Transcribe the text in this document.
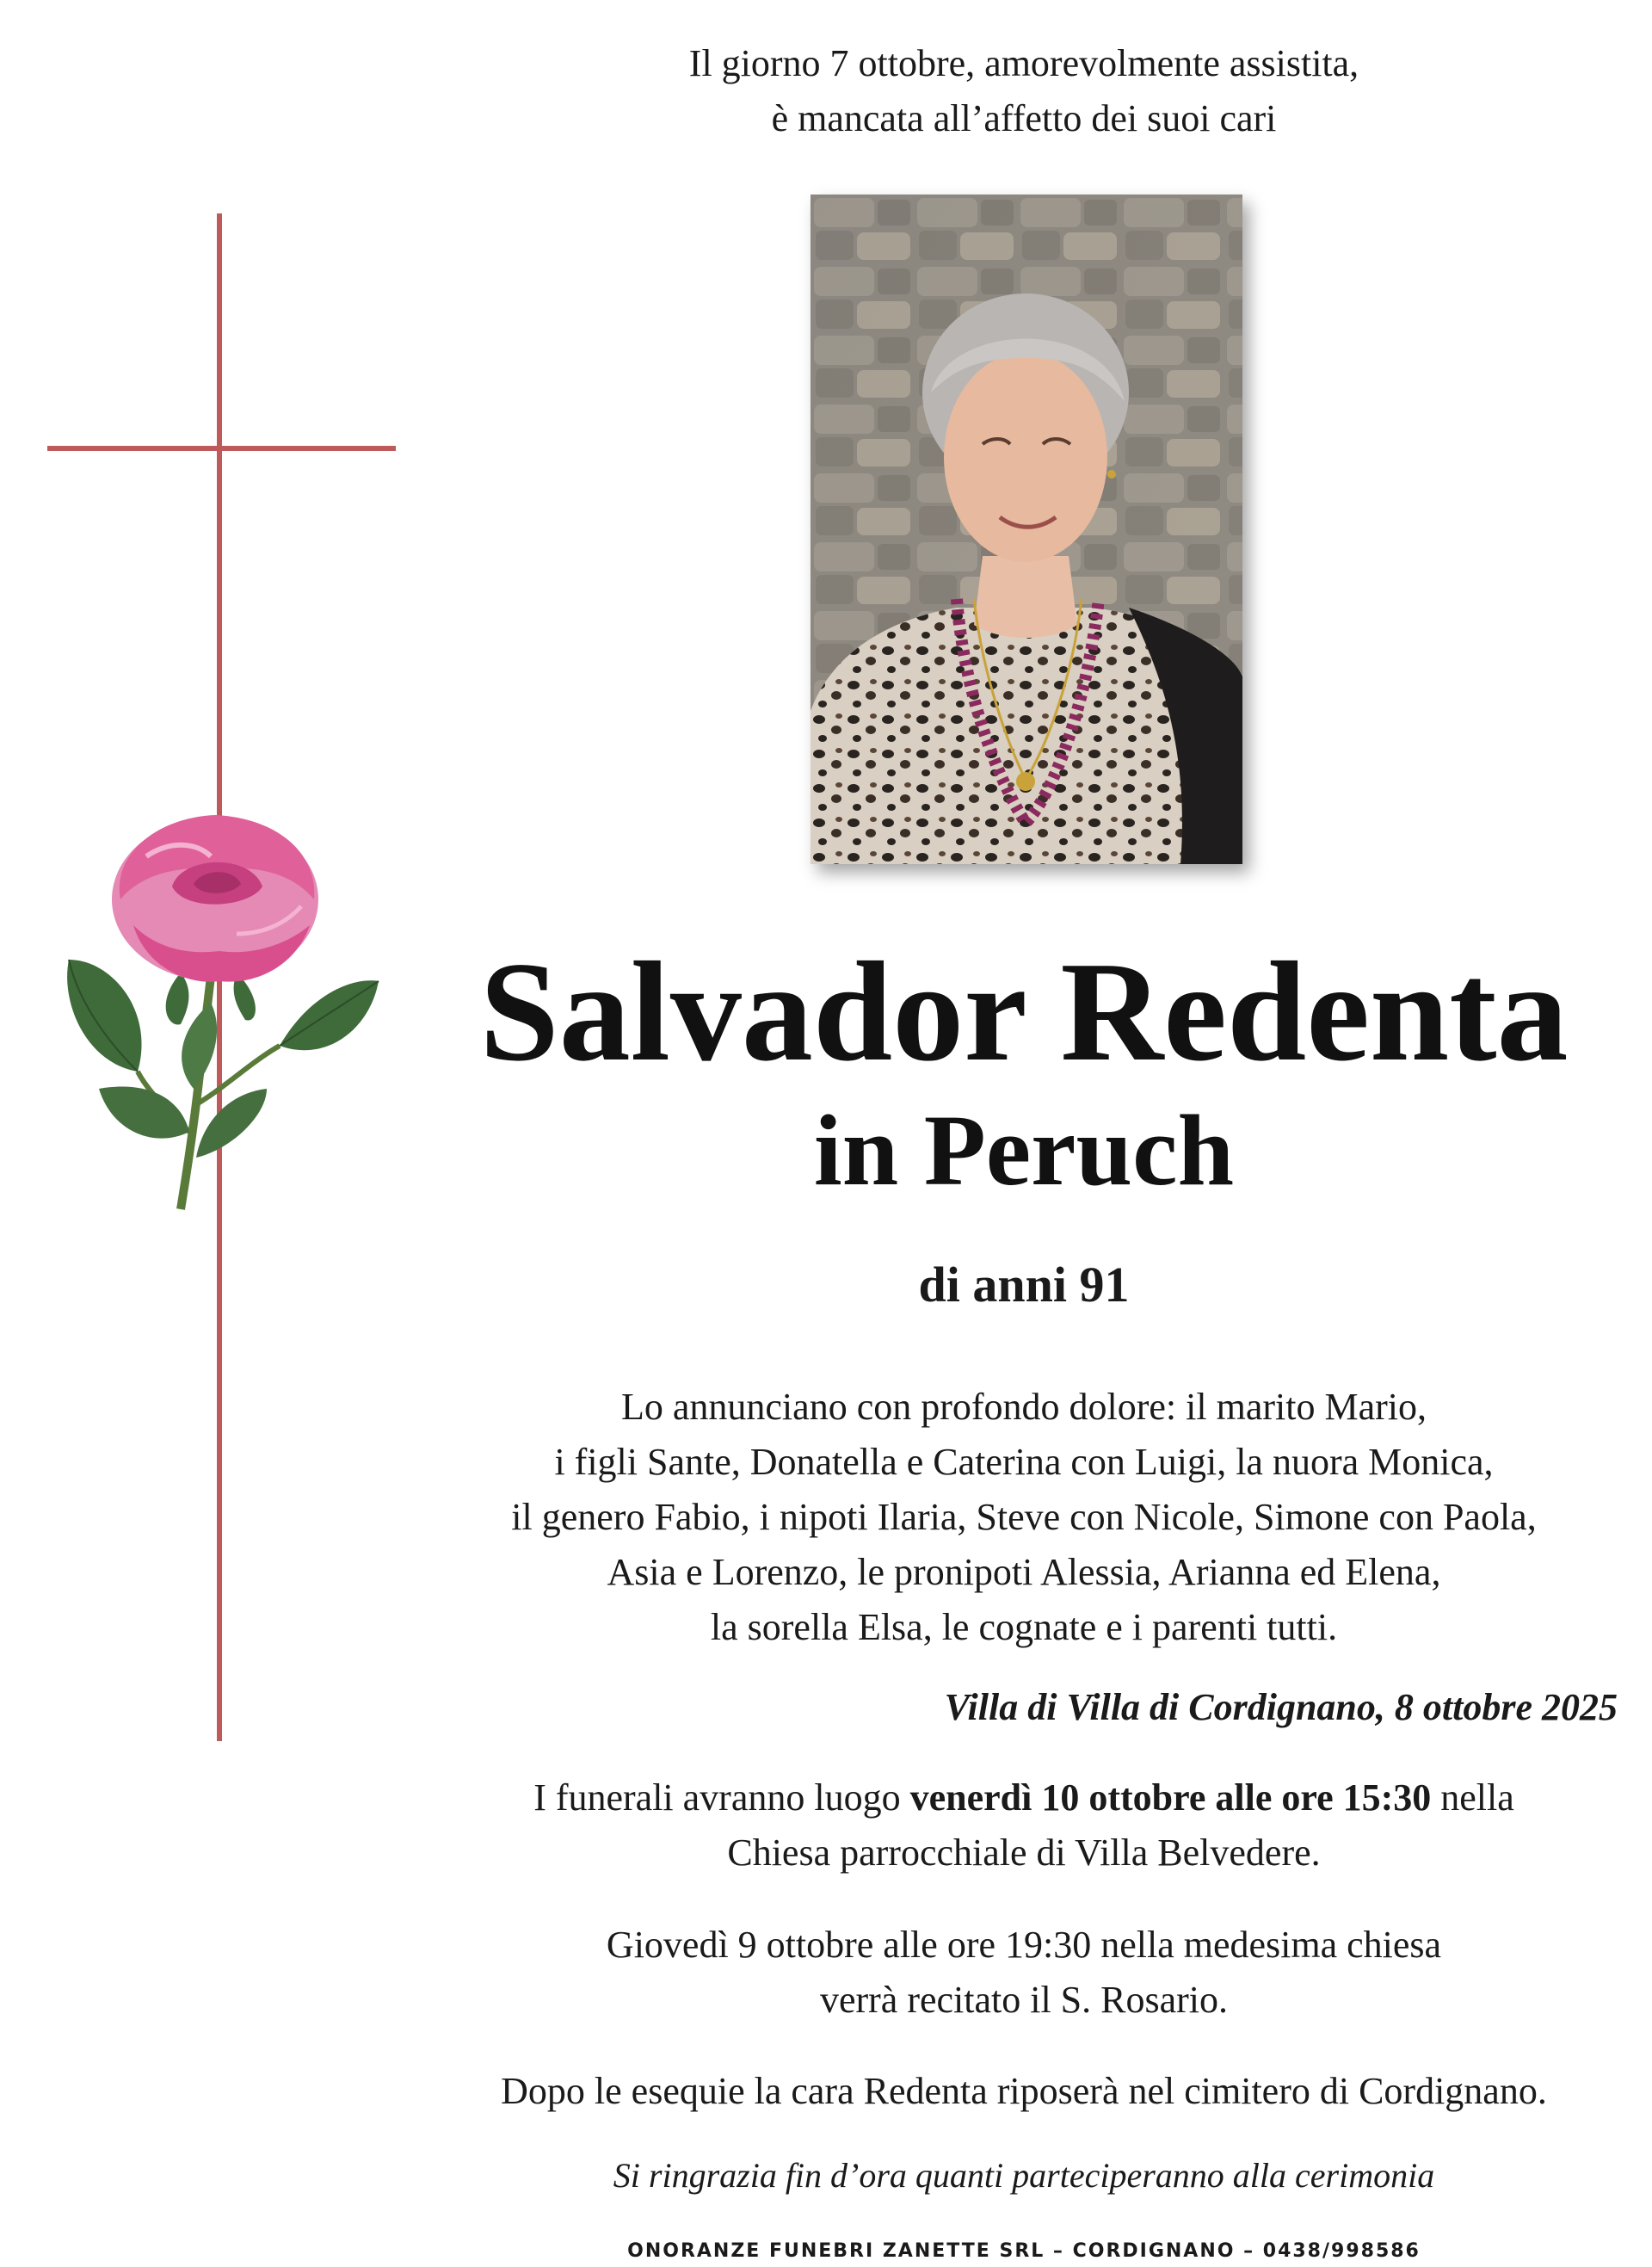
Il giorno 7 ottobre, amorevolmente assistita,
è mancata all’affetto dei suoi cari
Salvador Redenta
in Peruch
di anni 91
Lo annunciano con profondo dolore: il marito Mario,
i figli Sante, Donatella e Caterina con Luigi, la nuora Monica,
il genero Fabio, i nipoti Ilaria, Steve con Nicole, Simone con Paola,
Asia e Lorenzo, le pronipoti Alessia, Arianna ed Elena,
la sorella Elsa, le cognate e i parenti tutti.
Villa di Villa di Cordignano, 8 ottobre 2025
I funerali avranno luogo venerdì 10 ottobre alle ore 15:30 nella
Chiesa parrocchiale di Villa Belvedere.
Giovedì 9 ottobre alle ore 19:30 nella medesima chiesa
verrà recitato il S. Rosario.
Dopo le esequie la cara Redenta riposerà nel cimitero di Cordignano.
Si ringrazia fin d’ora quanti parteciperanno alla cerimonia
ONORANZE FUNEBRI ZANETTE SRL – CORDIGNANO – 0438/998586
